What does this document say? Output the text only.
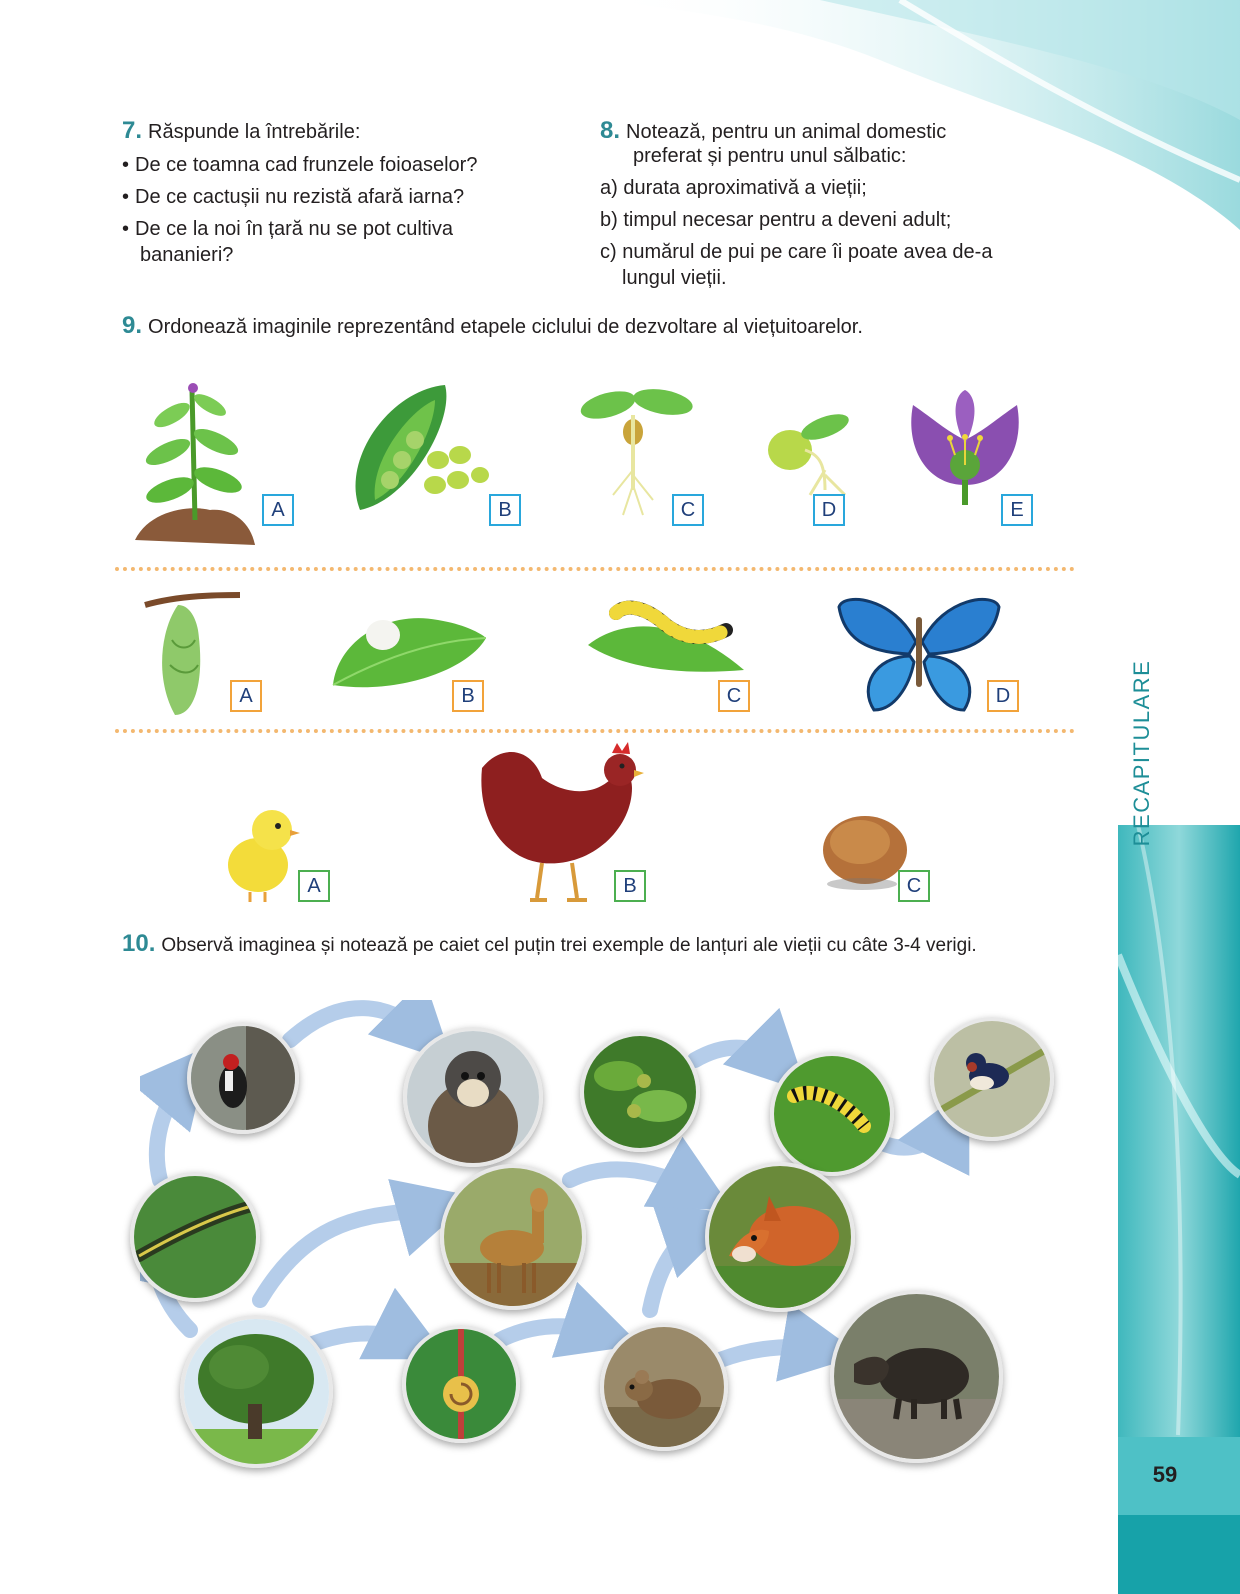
RECAPITULARE
59
7. Răspunde la întrebările:
• De ce toamna cad frunzele foioaselor?
• De ce cactușii nu rezistă afară iarna?
• De ce la noi în țară nu se pot cultiva
bananieri?
8. Notează, pentru un animal domestic
preferat și pentru unul sălbatic:
a) durata aproximativă a vieții;
b) timpul necesar pentru a deveni adult;
c) numărul de pui pe care îi poate avea de-a
lungul vieții.
9. Ordonează imaginile reprezentând etapele ciclului de dezvoltare al viețuitoarelor.
A	B	C	D	E
A	B	C	D
A	B	C
10. Observă imaginea și notează pe caiet cel puțin trei exemple de lanțuri ale vieții cu câte 3-4 verigi.
